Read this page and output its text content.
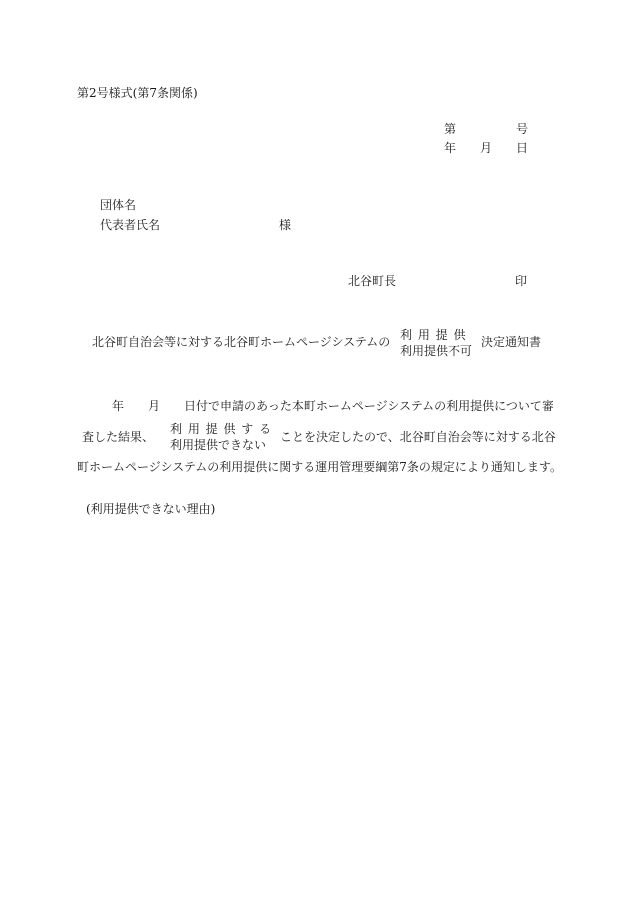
第2号様式(第7条関係)
第	号
年 月 日
団体名
代表者氏名	様
北谷町長	印
北谷町自治会等に対する北谷町ホームページシステムの 利 用 提 供
利用提供不可
決定通知書
年 月 日付で申請のあった本町ホームページシステムの利用提供について審
査した結果、
利 用 提 供 す る
利用提供できない
ことを決定したので、北谷町自治会等に対する北谷
町ホームページシステムの利用提供に関する運用管理要綱第7条の規定により通知します。
(利用提供できない理由)
